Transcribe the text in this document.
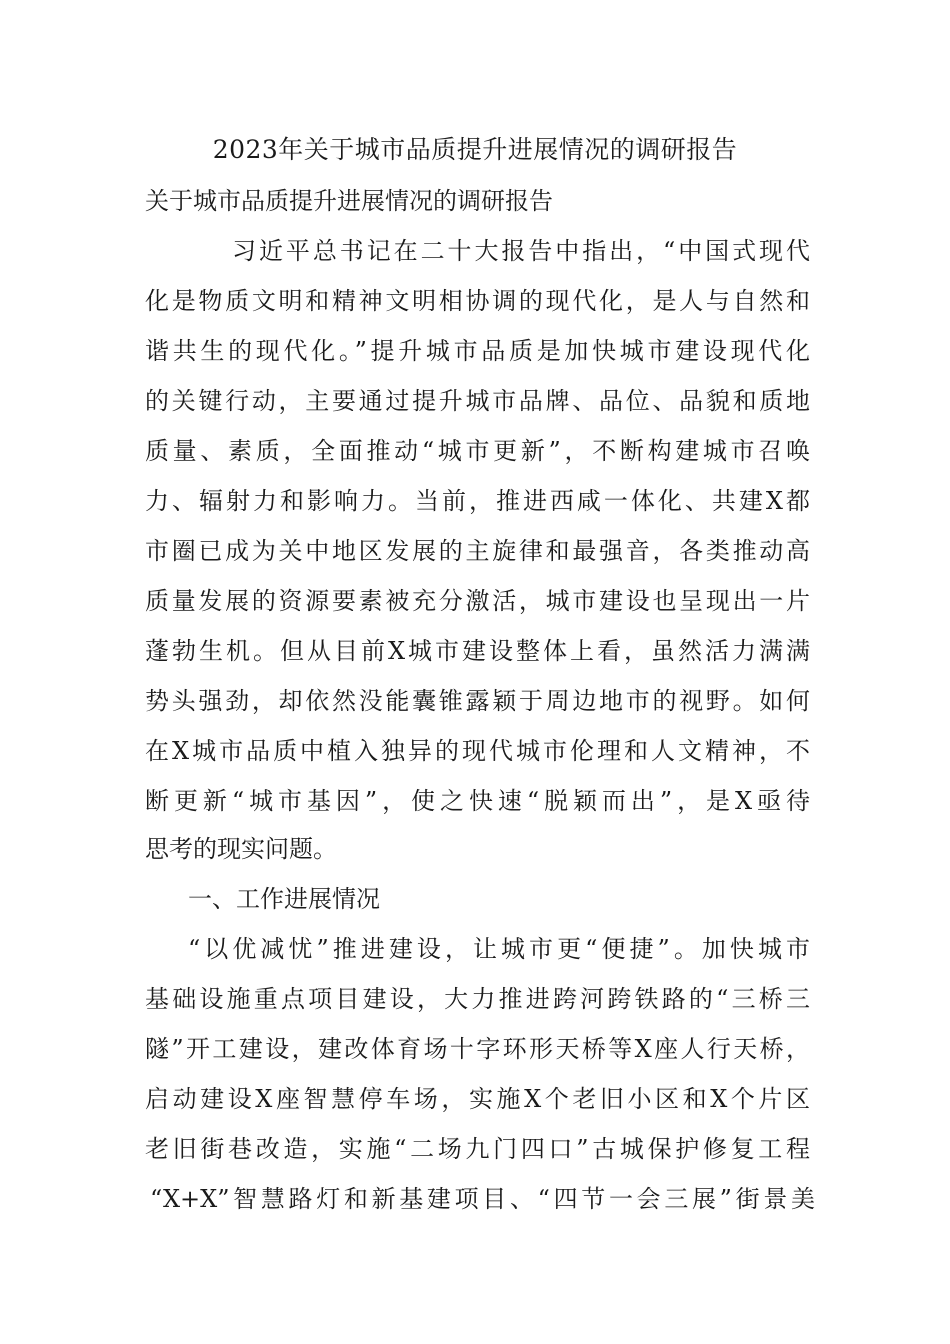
2023年关于城市品质提升进展情况的调研报告
关于城市品质提升进展情况的调研报告
习近平总书记在二十大报告中指出，“中国式现代
化是物质文明和精神文明相协调的现代化，是人与自然和
谐共生的现代化。”提升城市品质是加快城市建设现代化
的关键行动，主要通过提升城市品牌、品位、品貌和质地
质量、素质，全面推动“城市更新”，不断构建城市召唤
力、辐射力和影响力。当前，推进西咸一体化、共建X都
市圈已成为关中地区发展的主旋律和最强音，各类推动高
质量发展的资源要素被充分激活，城市建设也呈现出一片
蓬勃生机。但从目前X城市建设整体上看，虽然活力满满
势头强劲，却依然没能囊锥露颖于周边地市的视野。如何
在X城市品质中植入独异的现代城市伦理和人文精神，不
断更新“城市基因”，使之快速“脱颖而出”，是X亟待
思考的现实问题。
一、工作进展情况
“以优减忧”推进建设，让城市更“便捷”。加快城市
基础设施重点项目建设，大力推进跨河跨铁路的“三桥三
隧”开工建设，建改体育场十字环形天桥等X座人行天桥，
启动建设X座智慧停车场，实施X个老旧小区和X个片区
老旧街巷改造，实施“二场九门四口”古城保护修复工程
“X+X”智慧路灯和新基建项目、“四节一会三展”街景美
